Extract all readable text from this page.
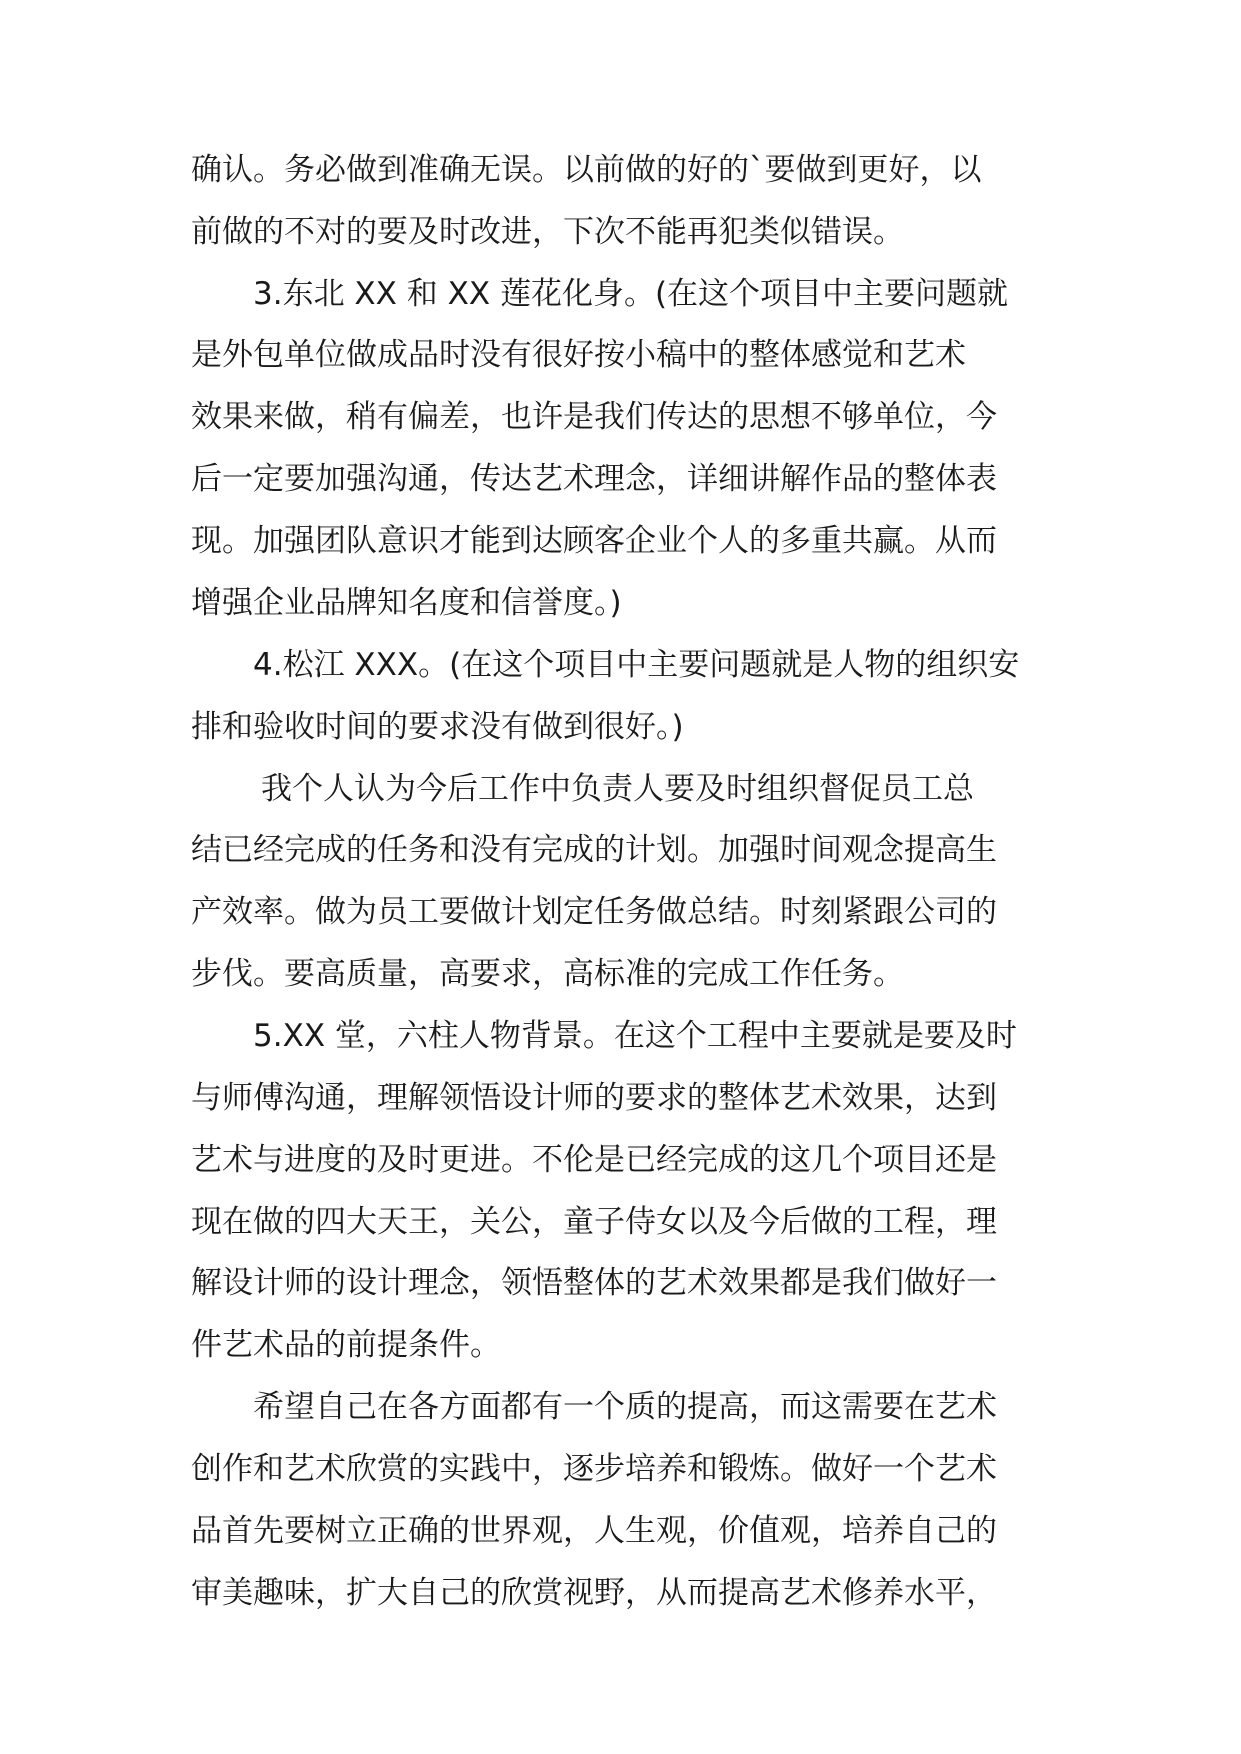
确认。务必做到准确无误。以前做的好的`要做到更好，以
前做的不对的要及时改进，下次不能再犯类似错误。
3.东北 XX 和 XX 莲花化身。(在这个项目中主要问题就
是外包单位做成品时没有很好按小稿中的整体感觉和艺术
效果来做，稍有偏差，也许是我们传达的思想不够单位，今
后一定要加强沟通，传达艺术理念，详细讲解作品的整体表
现。加强团队意识才能到达顾客企业个人的多重共赢。从而
增强企业品牌知名度和信誉度。)
4.松江 XXX。(在这个项目中主要问题就是人物的组织安
排和验收时间的要求没有做到很好。)
我个人认为今后工作中负责人要及时组织督促员工总
结已经完成的任务和没有完成的计划。加强时间观念提高生
产效率。做为员工要做计划定任务做总结。时刻紧跟公司的
步伐。要高质量，高要求，高标准的完成工作任务。
5.XX 堂，六柱人物背景。在这个工程中主要就是要及时
与师傅沟通，理解领悟设计师的要求的整体艺术效果，达到
艺术与进度的及时更进。不伦是已经完成的这几个项目还是
现在做的四大天王，关公，童子侍女以及今后做的工程，理
解设计师的设计理念，领悟整体的艺术效果都是我们做好一
件艺术品的前提条件。
希望自己在各方面都有一个质的提高，而这需要在艺术
创作和艺术欣赏的实践中，逐步培养和锻炼。做好一个艺术
品首先要树立正确的世界观，人生观，价值观，培养自己的
审美趣味，扩大自己的欣赏视野，从而提高艺术修养水平，
